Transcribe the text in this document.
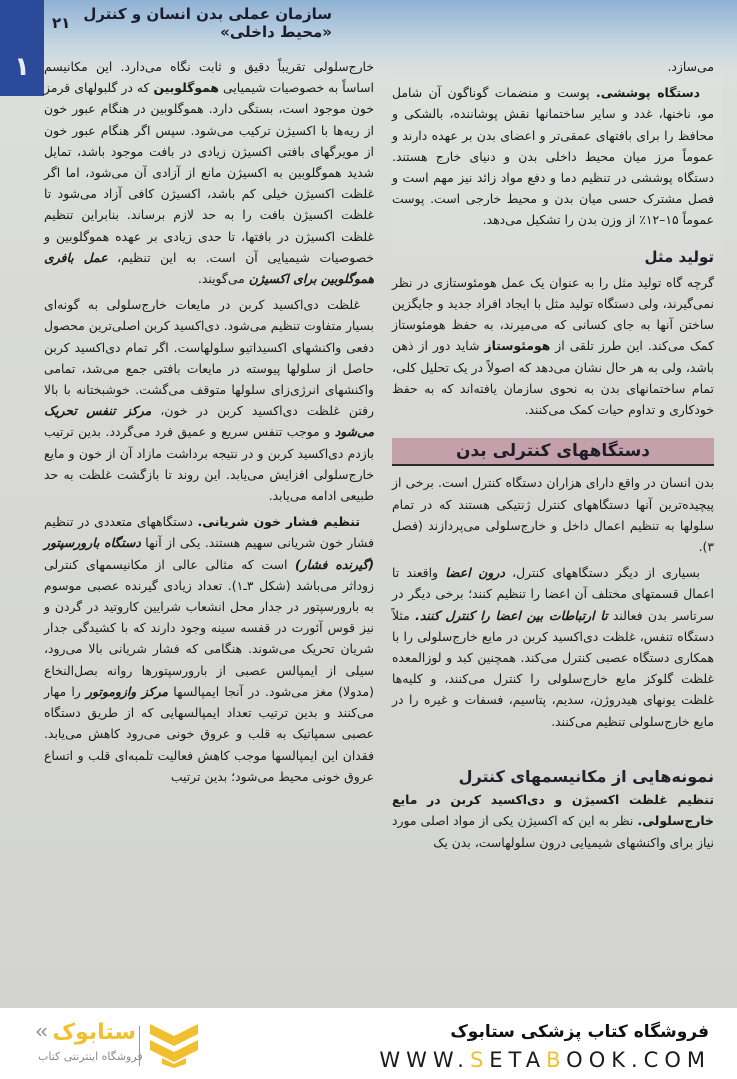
۱
سازمان عملی بدن انسان و کنترل «محیط داخلی»
۲۱

می‌سازد.

دستگاه پوششی. پوست و منضمات گوناگون آن شامل مو، ناخنها، غدد و سایر ساختمانها نقش پوشاننده، بالشکی و محافظ را برای بافتهای عمقی‌تر و اعضای بدن بر عهده دارند و عموماً مرز میان محیط داخلی بدن و دنیای خارج هستند. دستگاه پوششی در تنظیم دما و دفع مواد زائد نیز مهم است و فصل مشترک حسی میان بدن و محیط خارجی است. پوست عموماً ۱۵–۱۲٪ از وزن بدن را تشکیل می‌دهد.

تولید مثل

گرچه گاه تولید مثل را به عنوان یک عمل هومئوستازی در نظر نمی‌گیرند، ولی دستگاه تولید مثل با ایجاد افراد جدید و جایگزین ساختن آنها به جای کسانی که می‌میرند، به حفظ هومئوستاز کمک می‌کند. این طرز تلقی از هومئوستاز شاید دور از ذهن باشد، ولی به هر حال نشان می‌دهد که اصولاً در یک تحلیل کلی، تمام ساختمانهای بدن به نحوی سازمان یافته‌اند که به حفظ خودکاری و تداوم حیات کمک می‌کنند.

دستگاههای کنترلی بدن

بدن انسان در واقع دارای هزاران دستگاه کنترل است. برخی از پیچیده‌ترین آنها دستگاههای کنترل ژنتیکی هستند که در تمام سلولها به تنظیم اعمال داخل و خارج‌سلولی می‌پردازند (فصل ۳).

بسیاری از دیگر دستگاههای کنترل، درون اعضا واقعند تا اعمال قسمتهای مختلف آن اعضا را تنظیم کنند؛ برخی دیگر در سرتاسر بدن فعالند تا ارتباطات بین اعضا را کنترل کنند. مثلاً دستگاه تنفس، غلظت دی‌اکسید کربن در مایع خارج‌سلولی را با همکاری دستگاه عصبی کنترل می‌کند. همچنین کبد و لوزالمعده غلظت گلوکز مایع خارج‌سلولی را کنترل می‌کنند، و کلیه‌ها غلظت یونهای هیدروژن، سدیم، پتاسیم، فسفات و غیره را در مایع خارج‌سلولی تنظیم می‌کنند.

نمونه‌هایی از مکانیسمهای کنترل

تنظیم غلظت اکسیژن و دی‌اکسید کربن در مایع خارج‌سلولی. نظر به این که اکسیژن یکی از مواد اصلی مورد نیاز برای واکنشهای شیمیایی درون سلولهاست، بدن یک

خارج‌سلولی تقریباً دقیق و ثابت نگاه می‌دارد. این مکانیسم اساساً به خصوصیات شیمیایی هموگلوبین که در گلبولهای قرمز خون موجود است، بستگی دارد. هموگلوبین در هنگام عبور خون از ریه‌ها با اکسیژن ترکیب می‌شود. سپس اگر هنگام عبور خون از مویرگهای بافتی اکسیژن زیادی در بافت موجود باشد، تمایل شدید هموگلوبین به اکسیژن مانع از آزادی آن می‌شود، اما اگر غلظت اکسیژن خیلی کم باشد، اکسیژن کافی آزاد می‌شود تا غلظت اکسیژن بافت را به حد لازم برساند. بنابراین تنظیم غلظت اکسیژن در بافتها، تا حدی زیادی بر عهده هموگلوبین و خصوصیات شیمیایی آن است. به این تنظیم، عمل بافری هموگلوبین برای اکسیژن می‌گویند.

غلظت دی‌اکسید کربن در مایعات خارج‌سلولی به گونه‌ای بسیار متفاوت تنظیم می‌شود. دی‌اکسید کربن اصلی‌ترین محصول دفعی واکنشهای اکسیداتیو سلولهاست. اگر تمام دی‌اکسید کربن حاصل از سلولها پیوسته در مایعات بافتی جمع می‌شد، تمامی واکنشهای انرژی‌زای سلولها متوقف می‌گشت. خوشبختانه با بالا رفتن غلظت دی‌اکسید کربن در خون، مرکز تنفس تحریک می‌شود و موجب تنفس سریع و عمیق فرد می‌گردد. بدین ترتیب بازدم دی‌اکسید کربن و در نتیجه برداشت مازاد آن از خون و مایع خارج‌سلولی افزایش می‌یابد. این روند تا بازگشت غلظت به حد طبیعی ادامه می‌یابد.

تنظیم فشار خون شریانی. دستگاههای متعددی در تنظیم فشار خون شریانی سهیم هستند. یکی از آنها دستگاه بارورسپتور (گیرنده فشار) است که مثالی عالی از مکانیسمهای کنترلی زودا‌ثر می‌باشد (شکل ۳ـ۱). تعداد زیادی گیرنده عصبی موسوم به بارورسپتور در جدار محل انشعاب شرایین کاروتید در گردن و نیز قوس آئورت در قفسه سینه وجود دارند که با کشیدگی جدار شریان تحریک می‌شوند. هنگامی که فشار شریانی بالا می‌رود، سیلی از ایمپالس عصبی از بارورسپتورها روانه بصل‌النخاع (مدولا) مغز می‌شود. در آنجا ایمپالسها مرکز وازوموتور را مهار می‌کنند و بدین ترتیب تعداد ایمپالسهایی که از طریق دستگاه عصبی سمپاتیک به قلب و عروق خونی می‌رود کاهش می‌یابد. فقدان این ایمپالسها موجب کاهش فعالیت تلمبه‌ای قلب و اتساع عروق خونی محیط می‌شود؛ بدین ترتیب

فروشگاه کتاب پزشکی ستابوک
WWW.SETABOOK.COM
ستابوک
فروشگاه اینترنتی کتاب
